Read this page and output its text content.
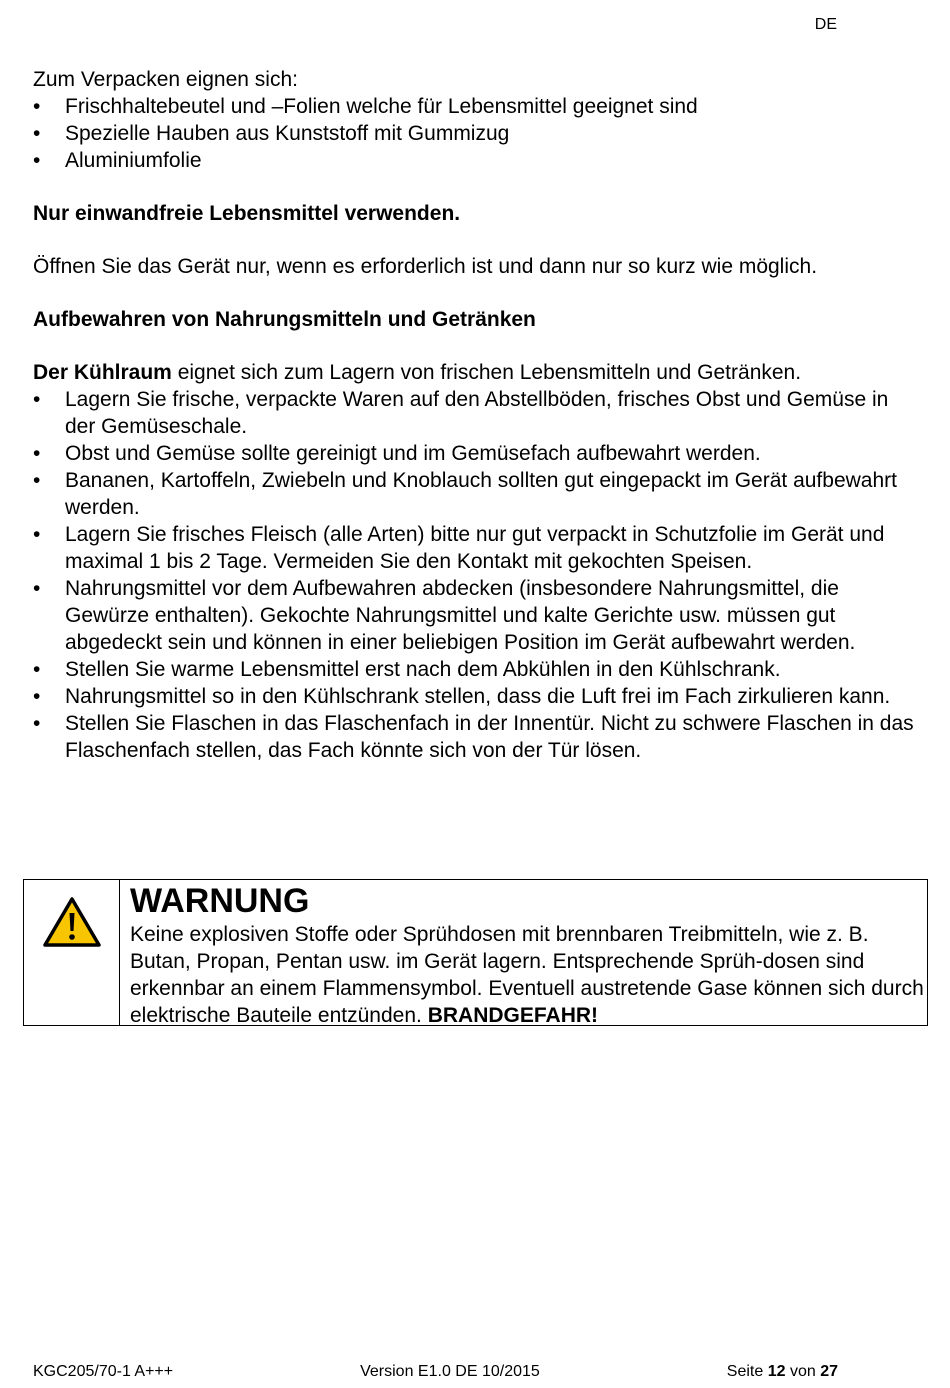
DE

Zum Verpacken eignen sich:

• Frischhaltebeutel und –Folien welche für Lebensmittel geeignet sind
• Spezielle Hauben aus Kunststoff mit Gummizug
• Aluminiumfolie

Nur einwandfreie Lebensmittel verwenden.

Öffnen Sie das Gerät nur, wenn es erforderlich ist und dann nur so kurz wie möglich.

Aufbewahren von Nahrungsmitteln und Getränken

Der Kühlraum eignet sich zum Lagern von frischen Lebensmitteln und Getränken.

• Lagern Sie frische, verpackte Waren auf den Abstellböden, frisches Obst und Gemüse in der Gemüseschale.
• Obst und Gemüse sollte gereinigt und im Gemüsefach aufbewahrt werden.
• Bananen, Kartoffeln, Zwiebeln und Knoblauch sollten gut eingepackt im Gerät aufbewahrt werden.
• Lagern Sie frisches Fleisch (alle Arten) bitte nur gut verpackt in Schutzfolie im Gerät und maximal 1 bis 2 Tage. Vermeiden Sie den Kontakt mit gekochten Speisen.
• Nahrungsmittel vor dem Aufbewahren abdecken (insbesondere Nahrungsmittel, die Gewürze enthalten). Gekochte Nahrungsmittel und kalte Gerichte usw. müssen gut abgedeckt sein und können in einer beliebigen Position im Gerät aufbewahrt werden.
• Stellen Sie warme Lebensmittel erst nach dem Abkühlen in den Kühlschrank.
• Nahrungsmittel so in den Kühlschrank stellen, dass die Luft frei im Fach zirkulieren kann.
• Stellen Sie Flaschen in das Flaschenfach in der Innentür. Nicht zu schwere Flaschen in das Flaschenfach stellen, das Fach könnte sich von der Tür lösen.
WARNUNG
Keine explosiven Stoffe oder Sprühdosen mit brennbaren Treibmitteln, wie z. B. Butan, Propan, Pentan usw. im Gerät lagern. Entsprechende Sprüh-dosen sind erkennbar an einem Flammensymbol. Eventuell austretende Gase können sich durch elektrische Bauteile entzünden. BRANDGEFAHR!
KGC205/70-1 A+++	Version E1.0 DE 10/2015	Seite 12 von 27
